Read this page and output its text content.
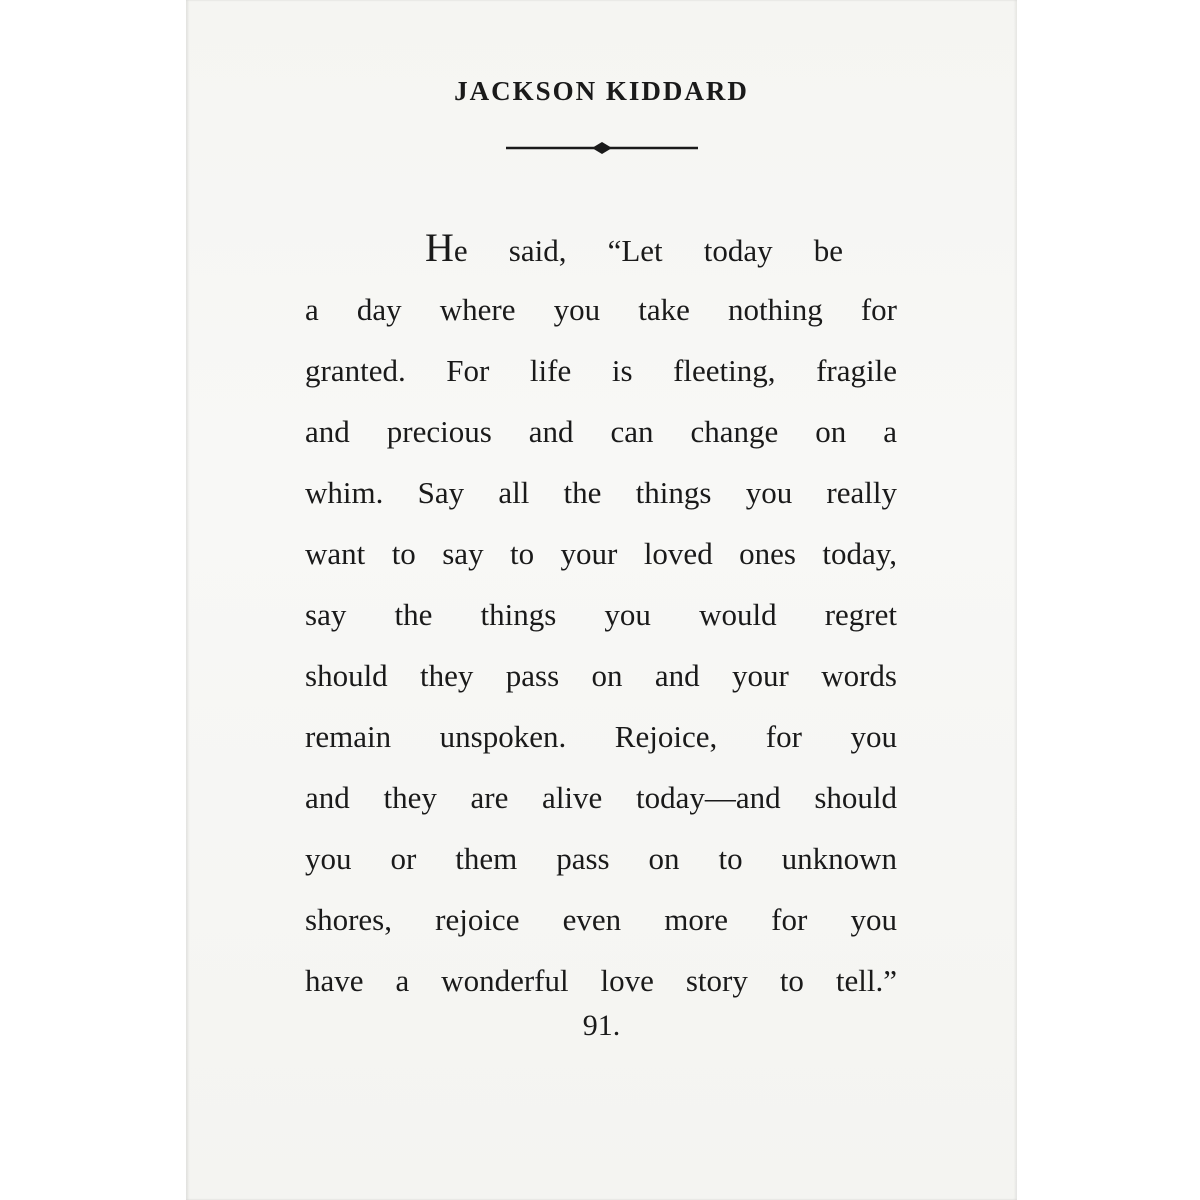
JACKSON KIDDARD
He said, “Let today be
a day where you take nothing for
granted. For life is fleeting, fragile
and precious and can change on a
whim. Say all the things you really
want to say to your loved ones today,
say the things you would regret
should they pass on and your words
remain unspoken. Rejoice, for you
and they are alive today—and should
you or them pass on to unknown
shores, rejoice even more for you
have a wonderful love story to tell.”
91.
